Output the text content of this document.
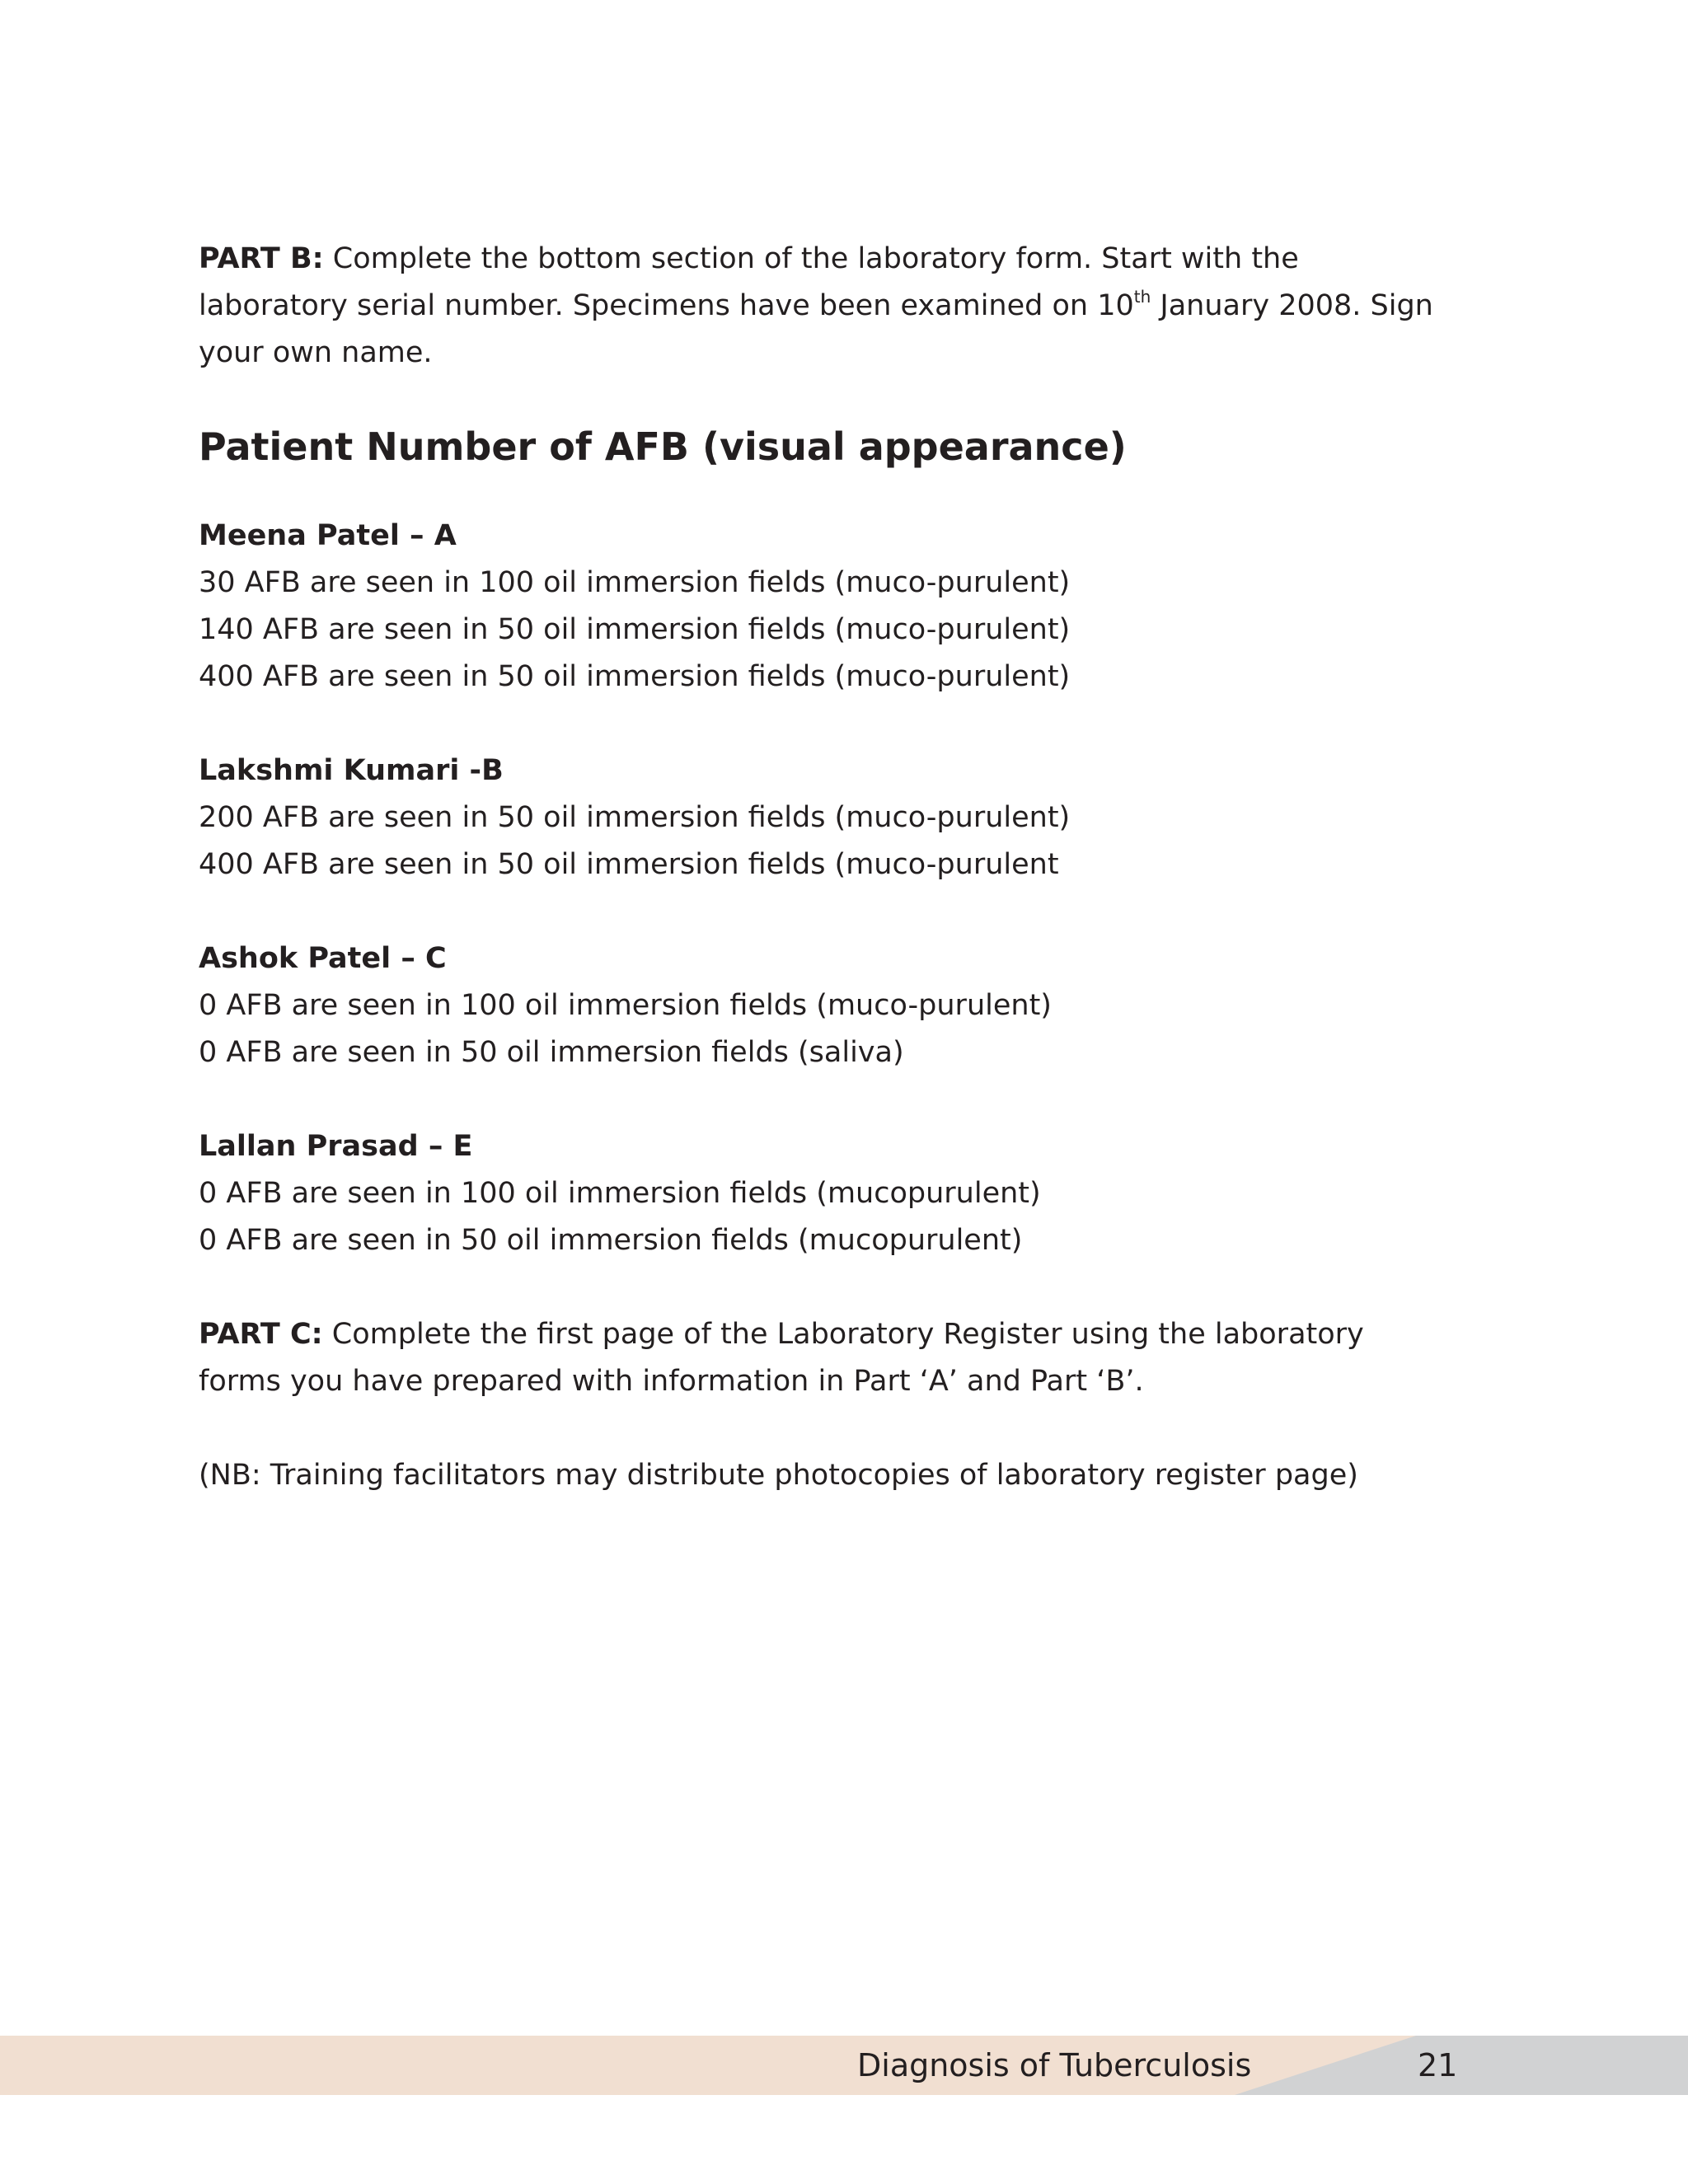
PART B: Complete the bottom section of the laboratory form. Start with the laboratory serial number. Specimens have been examined on 10th January 2008. Sign your own name.

Patient Number of AFB (visual appearance)

Meena Patel – A

30 AFB are seen in 100 oil immersion fields (muco-purulent)

140 AFB are seen in 50 oil immersion fields (muco-purulent)

400 AFB are seen in 50 oil immersion fields (muco-purulent)

Lakshmi Kumari -B

200 AFB are seen in 50 oil immersion fields (muco-purulent)

400 AFB are seen in 50 oil immersion fields (muco-purulent

Ashok Patel – C

0 AFB are seen in 100 oil immersion fields (muco-purulent)

0 AFB are seen in 50 oil immersion fields (saliva)

Lallan Prasad – E

0 AFB are seen in 100 oil immersion fields (mucopurulent)

0 AFB are seen in 50 oil immersion fields (mucopurulent)

PART C: Complete the first page of the Laboratory Register using the laboratory forms you have prepared with information in Part ‘A’ and Part ‘B’.

(NB: Training facilitators may distribute photocopies of laboratory register page)

Diagnosis of Tuberculosis	21
